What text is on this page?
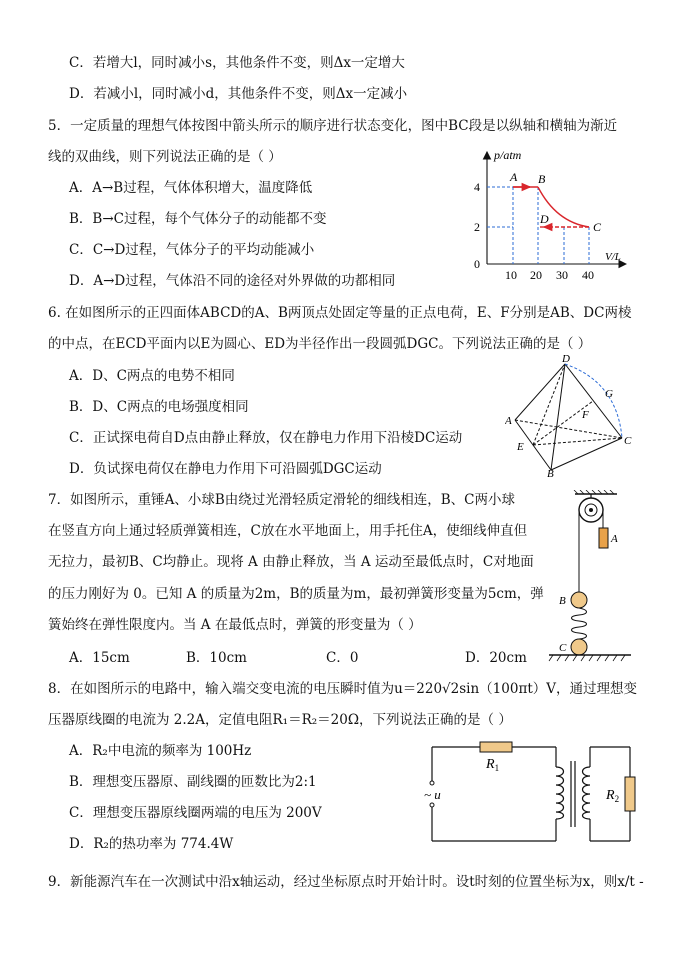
C．若增大l，同时减小s，其他条件不变，则Δx一定增大
D．若减小l，同时减小d，其他条件不变，则Δx一定减小
5．一定质量的理想气体按图中箭头所示的顺序进行状态变化，图中BC段是以纵轴和横轴为渐近
线的双曲线，则下列说法正确的是（ ）
A．A→B过程，气体体积增大，温度降低
B．B→C过程，每个气体分子的动能都不变
C．C→D过程，气体分子的平均动能减小
D．A→D过程，气体沿不同的途径对外界做的功都相同
p/atm
V/L
0
4
2
10 20 30 40
A B
D
C
6. 在如图所示的正四面体ABCD的A、B两顶点处固定等量的正点电荷，E、F分别是AB、DC两棱
的中点，在ECD平面内以E为圆心、ED为半径作出一段圆弧DGC。下列说法正确的是（ ）
A．D、C两点的电势不相同
B．D、C两点的电场强度相同
C．正试探电荷自D点由静止释放，仅在静电力作用下沿棱DC运动
D．负试探电荷仅在静电力作用下可沿圆弧DGC运动
D
A
B
C
E
F
G
7．如图所示，重锤A、小球B由绕过光滑轻质定滑轮的细线相连，B、C两小球
在竖直方向上通过轻质弹簧相连，C放在水平地面上，用手托住A，使细线伸直但
无拉力，最初B、C均静止。现将 A 由静止释放，当 A 运动至最低点时，C对地面
的压力刚好为 0。已知 A 的质量为2m，B的质量为m，最初弹簧形变量为5cm，弹
簧始终在弹性限度内。当 A 在最低点时，弹簧的形变量为（ ）
A．15cm	B．10cm	C．0	D．20cm
A
B
C
8．在如图所示的电路中，输入端交变电流的电压瞬时值为u＝220√2sin（100πt）V，通过理想变
压器原线圈的电流为 2.2A，定值电阻R₁＝R₂＝20Ω，下列说法正确的是（ ）
A．R₂中电流的频率为 100Hz
B．理想变压器原、副线圈的匝数比为2:1
C．理想变压器原线圈两端的电压为 200V
D．R₂的热功率为 774.4W
~ u
$R_1$
$R_2$
9．新能源汽车在一次测试中沿x轴运动，经过坐标原点时开始计时。设t时刻的位置坐标为x，则x/t -
